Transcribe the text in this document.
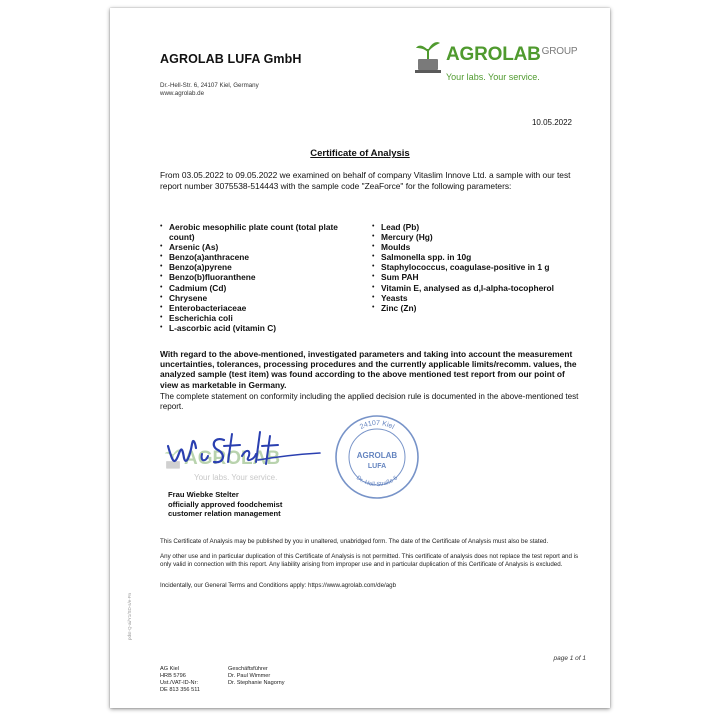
AGROLAB LUFA GmbH
Dr.-Hell-Str. 6, 24107 Kiel, Germany
www.agrolab.de
$AGROLAB^{GROUP}$
Your labs. Your service.
10.05.2022
Certificate of Analysis
From 03.05.2022 to 09.05.2022 we examined on behalf of company Vitaslim Innove Ltd. a sample with our test report number 3075538-514443 with the sample code "ZeaForce" for the following parameters:
• Aerobic mesophilic plate count (total plate count)
• Arsenic (As)
• Benzo(a)anthracene
• Benzo(a)pyrene
• Benzo(b)fluoranthene
• Cadmium (Cd)
• Chrysene
• Enterobacteriaceae
• Escherichia coli
• L-ascorbic acid (vitamin C)
• Lead (Pb)
• Mercury (Hg)
• Moulds
• Salmonella spp. in 10g
• Staphylococcus, coagulase-positive in 1 g
• Sum PAH
• Vitamin E, analysed as d,l-alpha-tocopherol
• Yeasts
• Zinc (Zn)
With regard to the above-mentioned, investigated parameters and taking into account the measurement uncertainties, tolerances, processing procedures and the currently applicable limits/recomm. values, the analyzed sample (test item) was found according to the above mentioned test report from our point of view as marketable in Germany.
The complete statement on conformity including the applied decision rule is documented in the above-mentioned test report.
AGROLAB
Your labs. Your service.
24107 Kiel
Dr.-Hell-Straße 6
AGROLAB
LUFA
Frau Wiebke Stelter
officially approved foodchemist
customer relation management
This Certificate of Analysis may be published by you in unaltered, unabridged form. The date of the Certificate of Analysis must also be stated.
Any other use and in particular duplication of this Certificate of Analysis is not permitted. This certificate of analysis does not replace the test report and is only valid in connection with this report. Any liability arising from improper use and in particular duplication of this Certificate of Analysis is excluded.
Incidentally, our General Terms and Conditions apply: https://www.agrolab.com/de/agb
pdsI-Q-ai/Y1/SD-s/e-Fn
page 1 of 1
AG Kiel
HRB 5796
Ust./VAT-ID-Nr:
DE 813 356 511
Geschäftsführer
Dr. Paul Wimmer
Dr. Stephanie Nagorny
